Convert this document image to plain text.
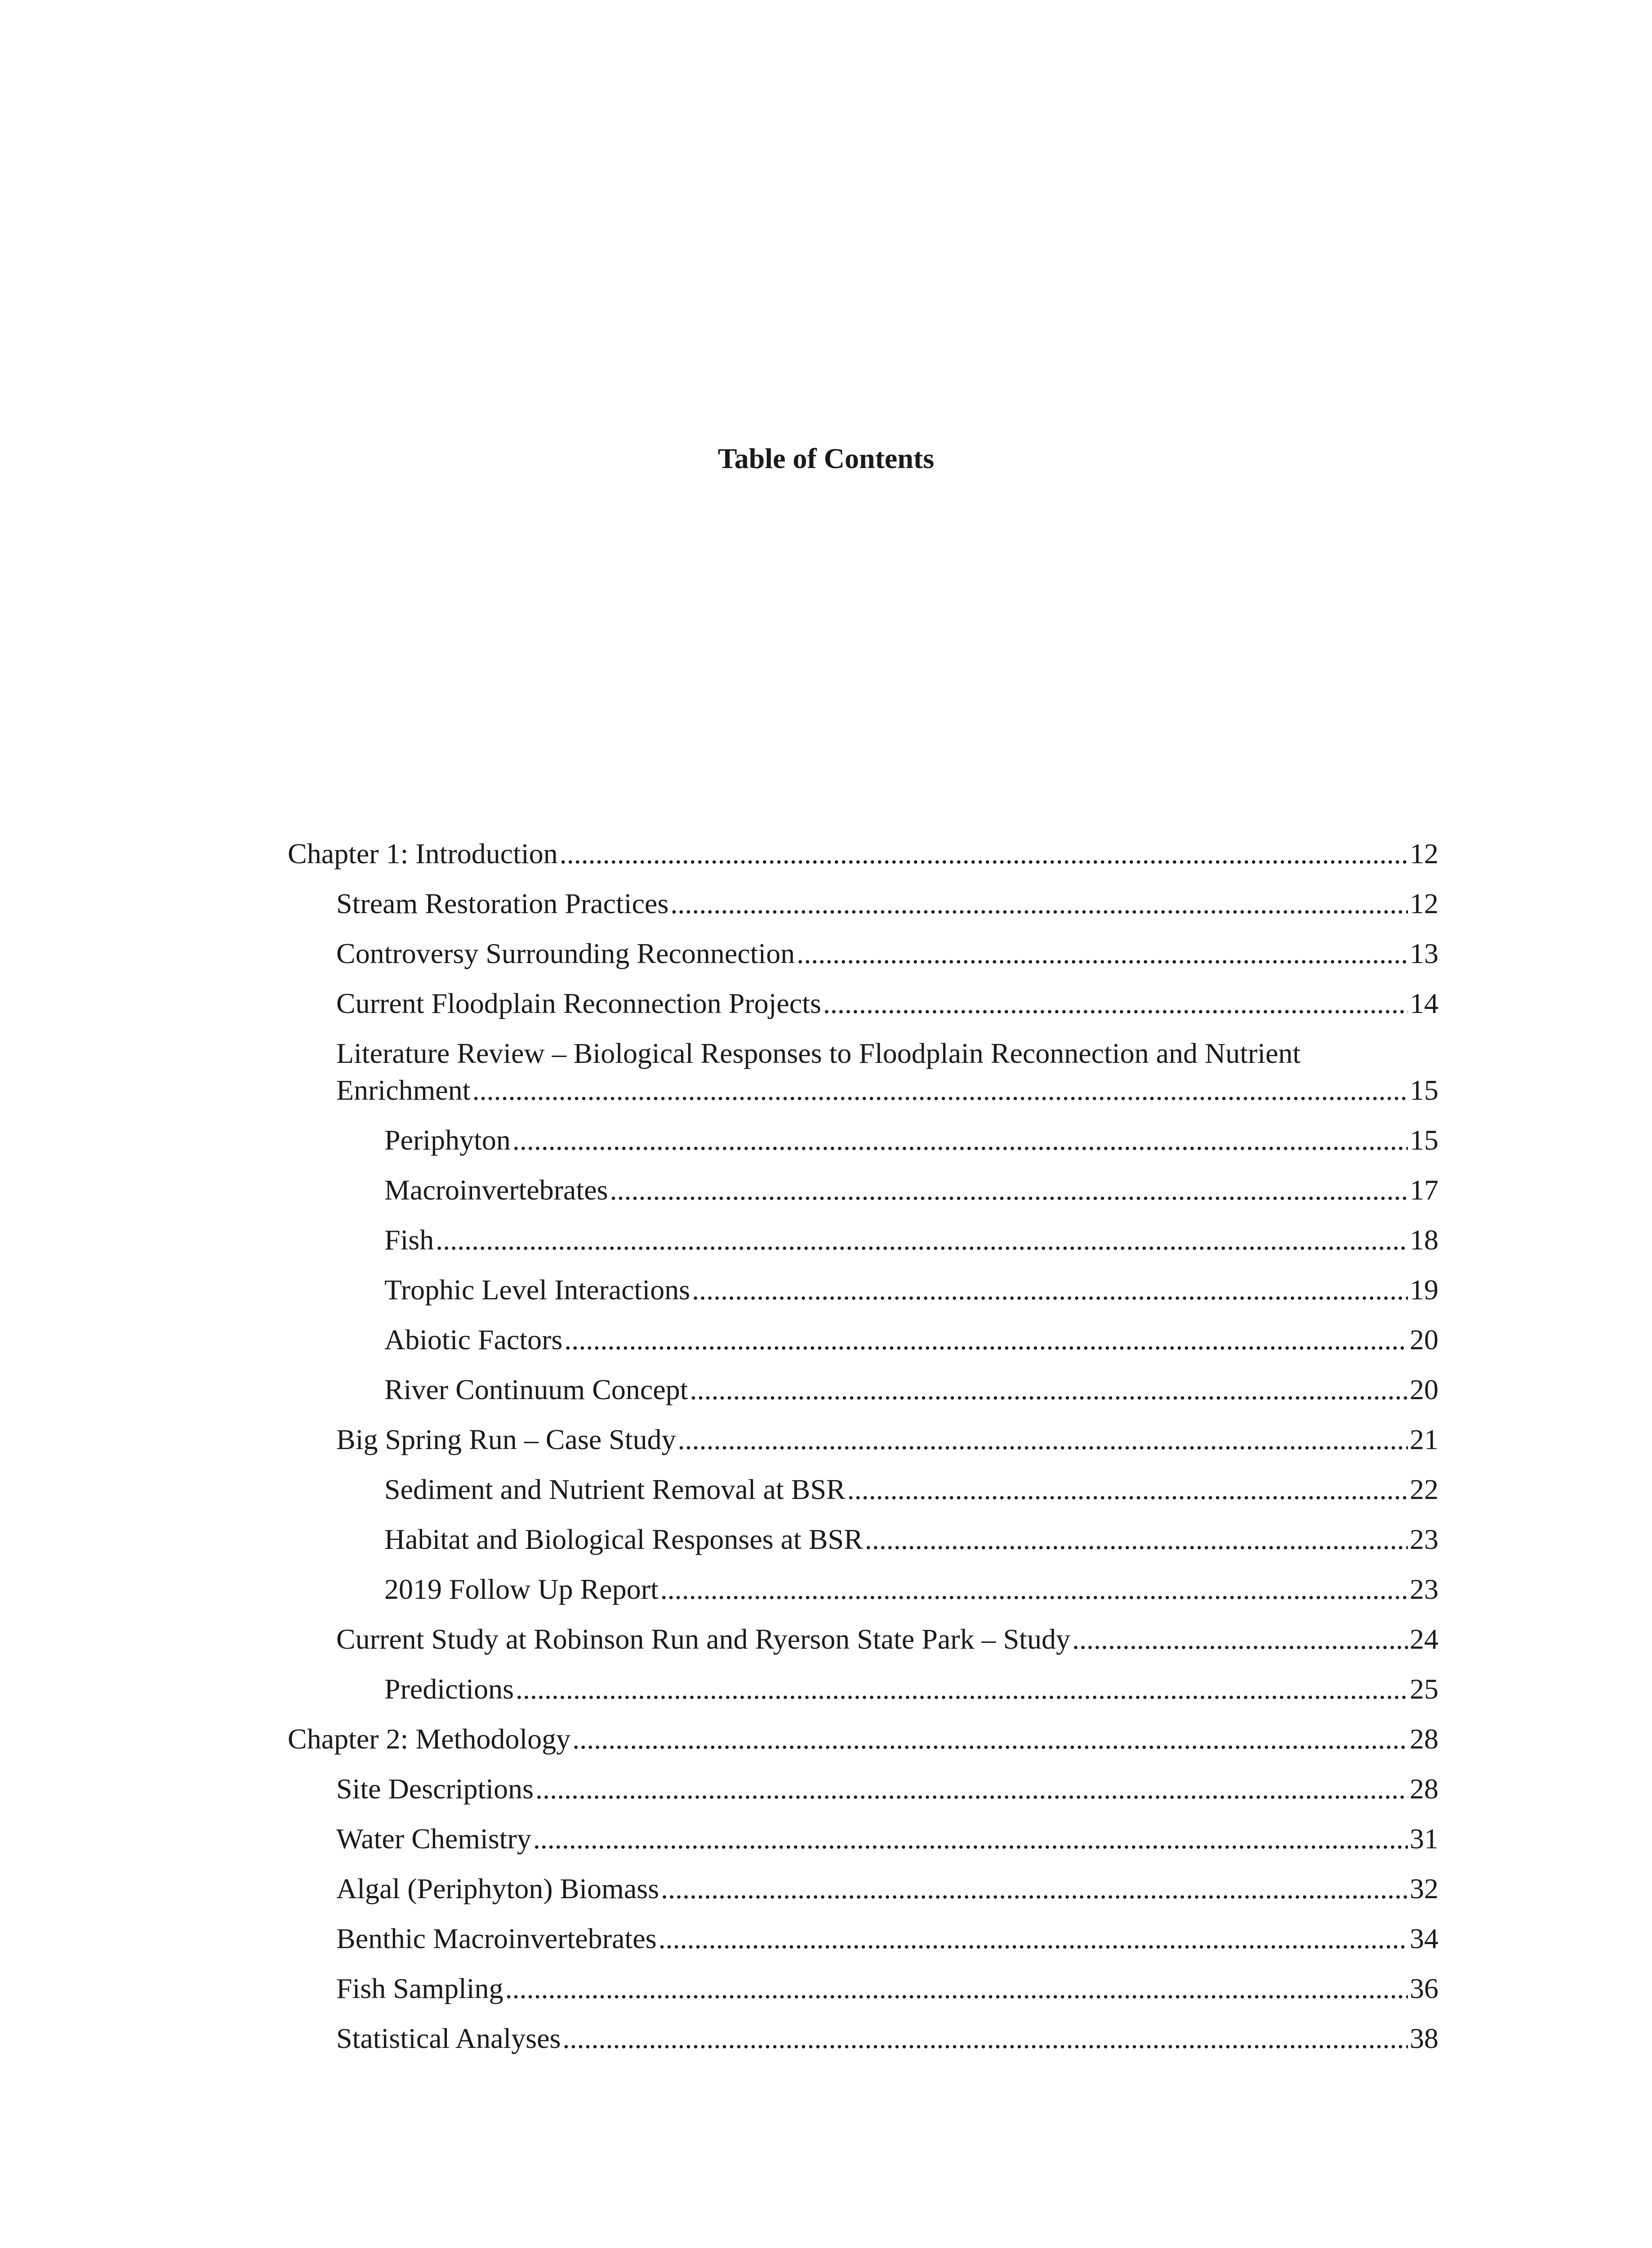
Table of Contents
Chapter 1: Introduction .....	12
Stream Restoration Practices .....	12
Controversy Surrounding Reconnection .....	13
Current Floodplain Reconnection Projects .....	14
Literature Review – Biological Responses to Floodplain Reconnection and Nutrient
Enrichment .....	15
Periphyton .....	15
Macroinvertebrates .....	17
Fish .....	18
Trophic Level Interactions .....	19
Abiotic Factors .....	20
River Continuum Concept .....	20
Big Spring Run – Case Study .....	21
Sediment and Nutrient Removal at BSR .....	22
Habitat and Biological Responses at BSR .....	23
2019 Follow Up Report .....	23
Current Study at Robinson Run and Ryerson State Park – Study .....	24
Predictions .....	25
Chapter 2: Methodology .....	28
Site Descriptions .....	28
Water Chemistry .....	31
Algal (Periphyton) Biomass .....	32
Benthic Macroinvertebrates .....	34
Fish Sampling .....	36
Statistical Analyses .....	38
